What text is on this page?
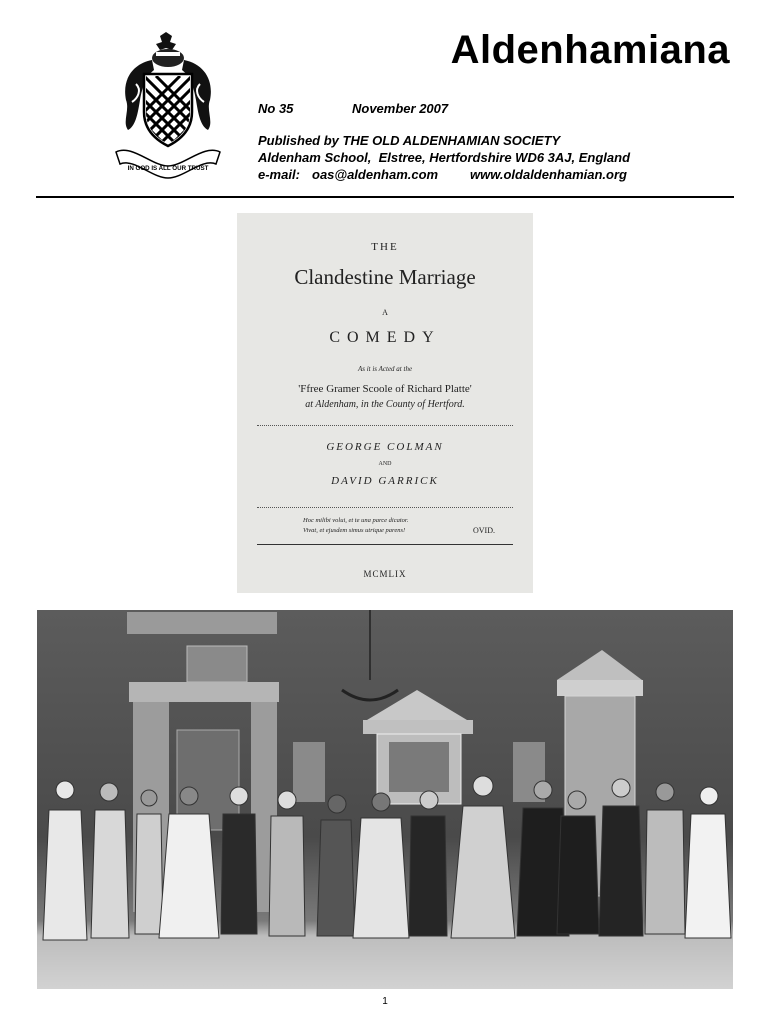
IN GOD IS ALL OUR TRUST
Aldenhamiana
No 35	November 2007
Published by THE OLD ALDENHAMIAN SOCIETY
Aldenham School,  Elstree, Hertfordshire WD6 3AJ, England
e-mail: oas@aldenham.com www.oldaldenhamian.org
THE
Clandestine Marriage
A
COMEDY
As it is Acted at the
'Ffree Gramer Scoole of Richard Platte'
at Aldenham, in the County of Hertford.
GEORGE COLMAN
AND
DAVID GARRICK
Hoc milibi volui, et te una parce dicator.
Vivat, et ejusdem simus utrique parens!	OVID.
MCMLIX
1
